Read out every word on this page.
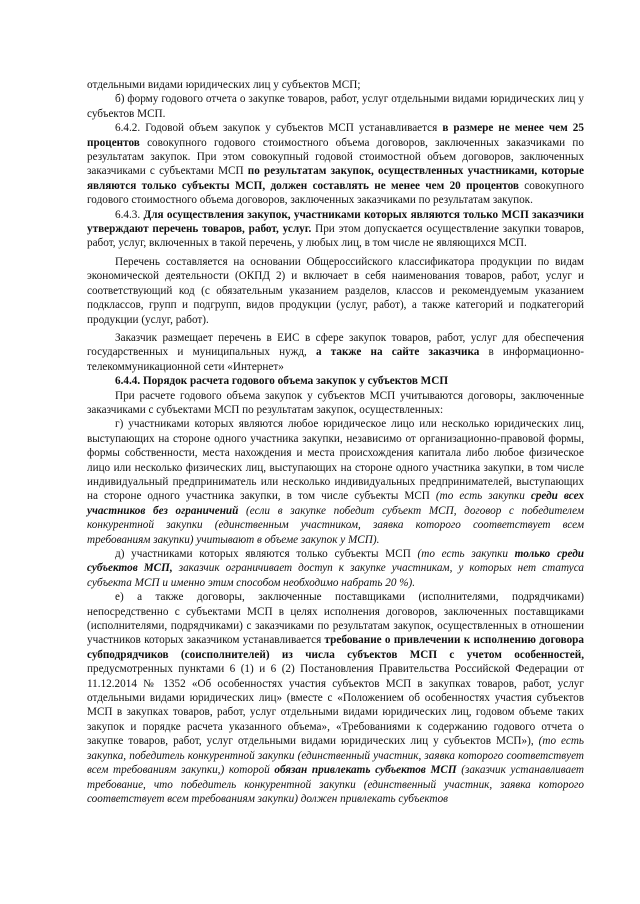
отдельными видами юридических лиц у субъектов МСП;

б) форму годового отчета о закупке товаров, работ, услуг отдельными видами юридических лиц у субъектов МСП.

6.4.2. Годовой объем закупок у субъектов МСП устанавливается в размере не менее чем 25 процентов совокупного годового стоимостного объема договоров, заключенных заказчиками по результатам закупок. При этом совокупный годовой стоимостной объем договоров, заключенных заказчиками с субъектами МСП по результатам закупок, осуществленных участниками, которые являются только субъекты МСП, должен составлять не менее чем 20 процентов совокупного годового стоимостного объема договоров, заключенных заказчиками по результатам закупок.

6.4.3. Для осуществления закупок, участниками которых являются только МСП заказчики утверждают перечень товаров, работ, услуг. При этом допускается осуществление закупки товаров, работ, услуг, включенных в такой перечень, у любых лиц, в том числе не являющихся МСП.

Перечень составляется на основании Общероссийского классификатора продукции по видам экономической деятельности (ОКПД 2) и включает в себя наименования товаров, работ, услуг и соответствующий код (с обязательным указанием разделов, классов и рекомендуемым указанием подклассов, групп и подгрупп, видов продукции (услуг, работ), а также категорий и подкатегорий продукции (услуг, работ).

Заказчик размещает перечень в ЕИС в сфере закупок товаров, работ, услуг для обеспечения государственных и муниципальных нужд, а также на сайте заказчика в информационно-телекоммуникационной сети «Интернет»

6.4.4. Порядок расчета годового объема закупок у субъектов МСП

При расчете годового объема закупок у субъектов МСП учитываются договоры, заключенные заказчиками с субъектами МСП по результатам закупок, осуществленных:

г) участниками которых являются любое юридическое лицо или несколько юридических лиц, выступающих на стороне одного участника закупки, независимо от организационно-правовой формы, формы собственности, места нахождения и места происхождения капитала либо любое физическое лицо или несколько физических лиц, выступающих на стороне одного участника закупки, в том числе индивидуальный предприниматель или несколько индивидуальных предпринимателей, выступающих на стороне одного участника закупки, в том числе субъекты МСП (то есть закупки среди всех участников без ограничений (если в закупке победит субъект МСП, договор с победителем конкурентной закупки (единственным участником, заявка которого соответствует всем требованиям закупки) учитывают в объеме закупок у МСП).

д) участниками которых являются только субъекты МСП (то есть закупки только среди субъектов МСП, заказчик ограничивает доступ к закупке участникам, у которых нет статуса субъекта МСП и именно этим способом необходимо набрать 20 %).

е) а также договоры, заключенные поставщиками (исполнителями, подрядчиками) непосредственно с субъектами МСП в целях исполнения договоров, заключенных поставщиками (исполнителями, подрядчиками) с заказчиками по результатам закупок, осуществленных в отношении участников которых заказчиком устанавливается требование о привлечении к исполнению договора субподрядчиков (соисполнителей) из числа субъектов МСП с учетом особенностей, предусмотренных пунктами 6 (1) и 6 (2) Постановления Правительства Российской Федерации от 11.12.2014 № 1352 «Об особенностях участия субъектов МСП в закупках товаров, работ, услуг отдельными видами юридических лиц» (вместе с «Положением об особенностях участия субъектов МСП в закупках товаров, работ, услуг отдельными видами юридических лиц, годовом объеме таких закупок и порядке расчета указанного объема», «Требованиями к содержанию годового отчета о закупке товаров, работ, услуг отдельными видами юридических лиц у субъектов МСП»), (то есть закупка, победитель конкурентной закупки (единственный участник, заявка которого соответствует всем требованиям закупки,) которой обязан привлекать субъектов МСП (заказчик устанавливает требование, что победитель конкурентной закупки (единственный участник, заявка которого соответствует всем требованиям закупки) должен привлекать субъектов
